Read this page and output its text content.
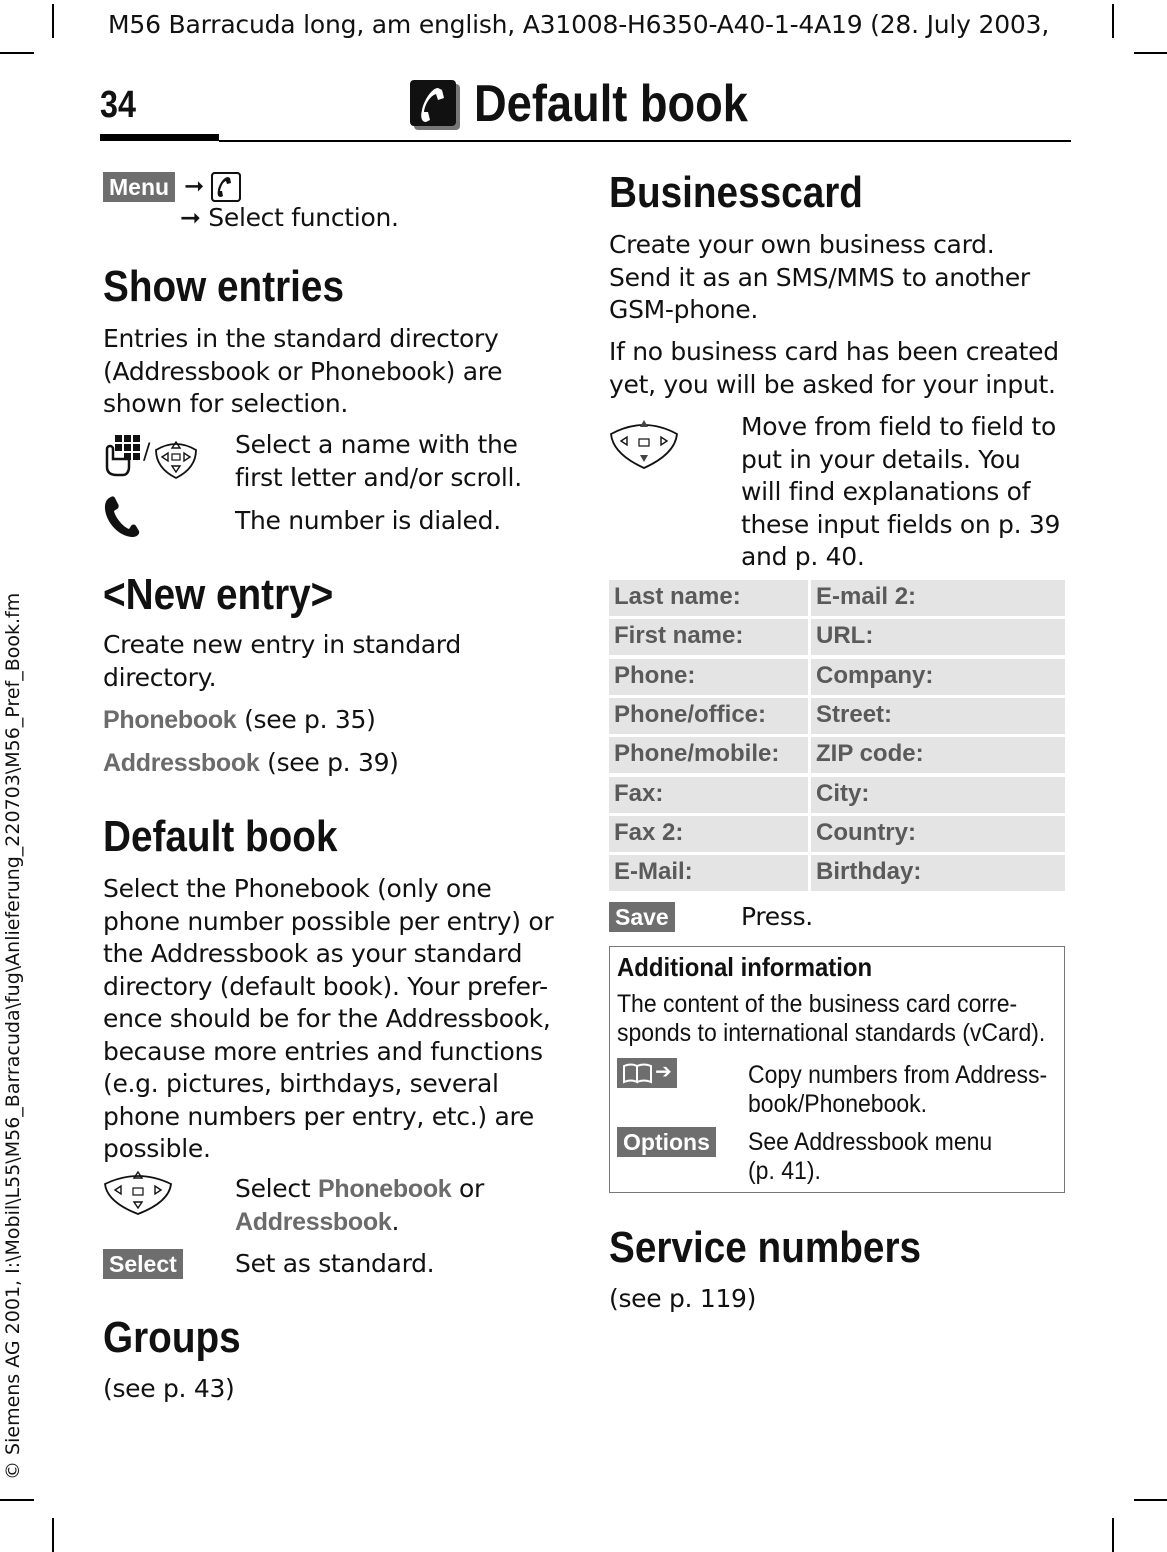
M56 Barracuda long, am english, A31008-H6350-A40-1-4A19 (28. July 2003,
© Siemens AG 2001, I:\Mobil\L55\M56_Barracuda\fug\Anlieferung_220703\M56_Pref_Book.fm
34	Default book
Menu ➞
➞ Select function.
Show entries
Entries in the standard directory
(Addressbook or Phonebook) are
shown for selection.
/	Select a name with the
first letter and/or scroll.
The number is dialed.
<New entry>
Create new entry in standard
directory.
Phonebook (see p. 35)
Addressbook (see p. 39)
Default book
Select the Phonebook (only one
phone number possible per entry) or
the Addressbook as your standard
directory (default book). Your prefer-
ence should be for the Addressbook,
because more entries and functions
(e.g. pictures, birthdays, several
phone numbers per entry, etc.) are
possible.
Select Phonebook or
Addressbook.
Select Set as standard.
Groups
(see p. 43)
Businesscard
Create your own business card.
Send it as an SMS/MMS to another
GSM-phone.
If no business card has been created
yet, you will be asked for your input.
Move from field to field to
put in your details. You
will find explanations of
these input fields on p. 39
and p. 40.
Last name:	E-mail 2:
First name:	URL:
Phone:	Company:
Phone/office:	Street:
Phone/mobile:	ZIP code:
Fax:	City:
Fax 2:	Country:
E-Mail:	Birthday:
Save	Press.
Additional information
The content of the business card corre-
sponds to international standards (vCard).
➔	Copy numbers from Address-
book/Phonebook.
Options See Addressbook menu
(p. 41).
Service numbers
(see p. 119)
